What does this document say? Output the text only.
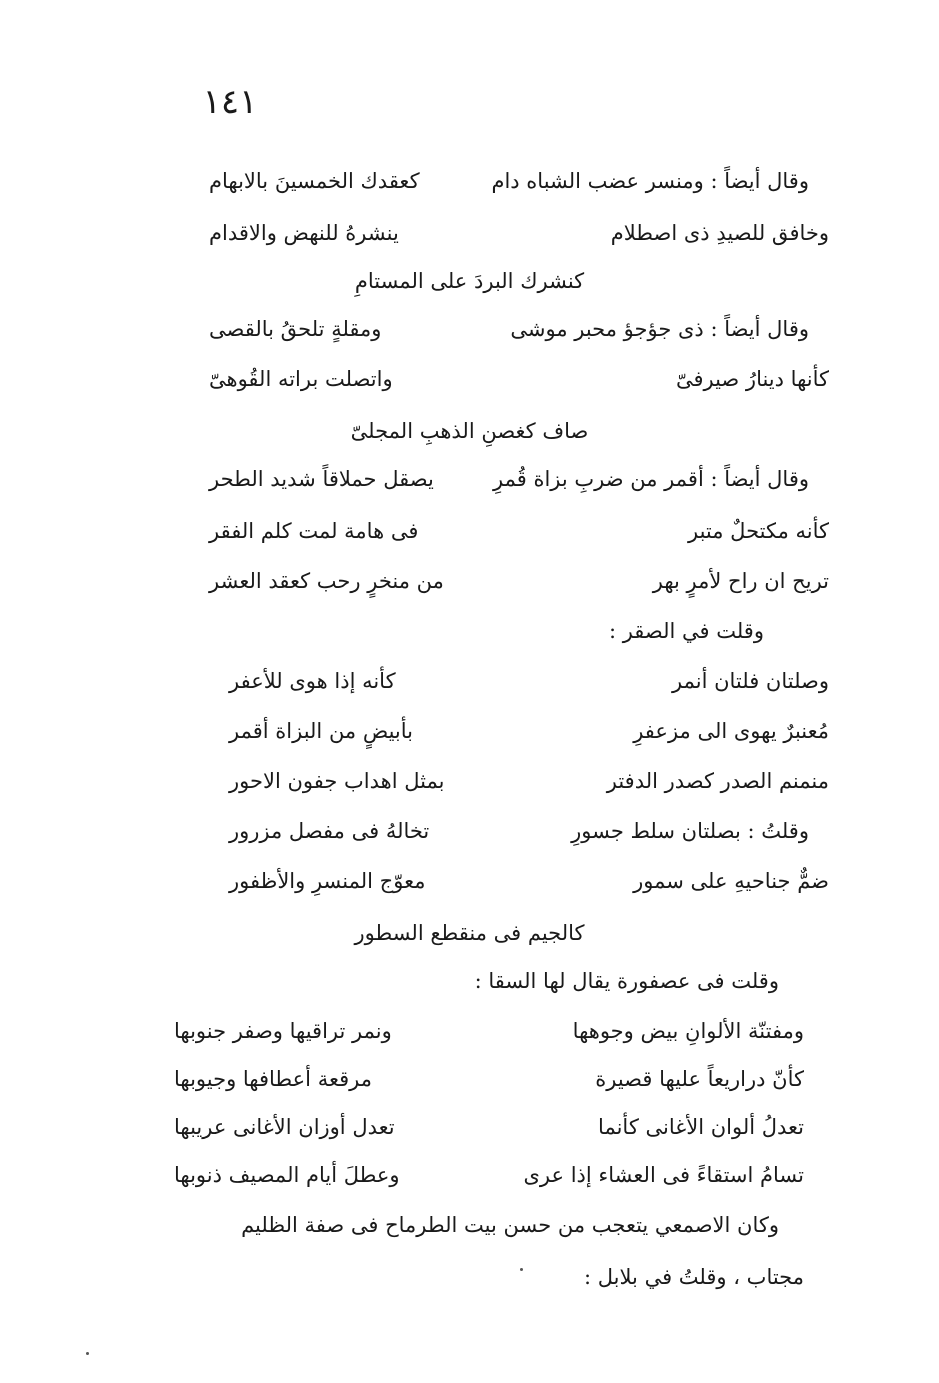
١٤١
وقال أيضاً : ومنسر عضب الشباه دام
كعقدك الخمسينَ بالابهام
وخافق للصيدِ ذى اصطلام
ينشرهُ للنهض والاقدام
كنشرك البردَ على المستامِ
وقال أيضاً : ذى جؤجؤ محبر موشى
ومقلةٍ تلحقُ بالقصى
كأنها دينارُ صيرفىّ
واتصلت براته القُوهىّ
صاف كغصنِ الذهبِ المجلىّ
وقال أيضاً : أقمر من ضربِ بزاة قُمرِ
يصقل حملاقاً شديد الطحر
كأنه مكتحلٌ متبر
فى هامة لمت كلم الفقر
تريح ان راح لأمرٍ بهر
من منخرٍ رحب كعقد العشر
وقلت في الصقر :
وصلتان فلتان أنمر
كأنه إذا هوى للأعفر
مُعنبرٌ يهوى الى مزعفرِ
بأبيضٍ من البزاة أقمر
منمنم الصدر كصدر الدفتر
بمثل اهداب جفون الاحور
وقلتُ : بصلتان سلط جسورِ
تخالهُ فى مفصل مزرور
ضمٌّ جناحيهِ على سمور
معوّج المنسرِ والأظفور
كالجيم فى منقطع السطور
وقلت فى عصفورة يقال لها السقا :
ومفتنّة الألوانِ بيض وجوهها
ونمر تراقيها وصفر جنوبها
كأنّ دراريعاً عليها قصيرة
مرقعة أعطافها وجيوبها
تعدلُ ألوان الأغانى كأنما
تعدل أوزان الأغانى عريبها
تسامُ استقاءً فى العشاء إذا عرى
وعطلَ أيام المصيف ذنوبها
وكان الاصمعي يتعجب من حسن بيت الطرماح فى صفة الظليم
مجتاب ، وقلتُ في بلابل :
